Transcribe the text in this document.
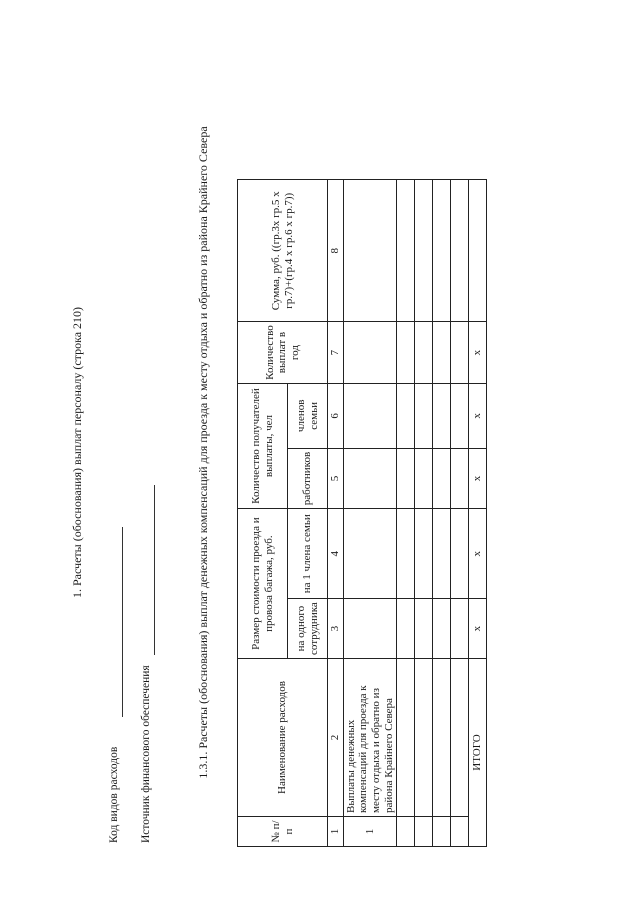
1. Расчеты (обоснования) выплат персоналу (строка 210)
Код видов расходов Источник финансового обеспечения	1.3.1. Расчеты (обоснования) выплат денежных компенсаций для проезда к месту отдыха и обратно из района Крайнего Севера
№ п/п	Наименование расходов	Размер стоимости проезда и провоза багажа, руб.		Количество получателей выплаты, чел		Количество выплат в год	Сумма, руб. ((гр.3х гр.5 х гр.7)+(гр.4 х гр.6 х гр.7))
		на одного сотрудника	на 1 члена семьи	работников	членов семьи		
1	2	3	4	5	6	7	8
1	Выплаты денежных компенсаций для проезда к месту отдыха и обратно из района Крайнего Севера						

ИТОГО		х	х	х	х	х	
